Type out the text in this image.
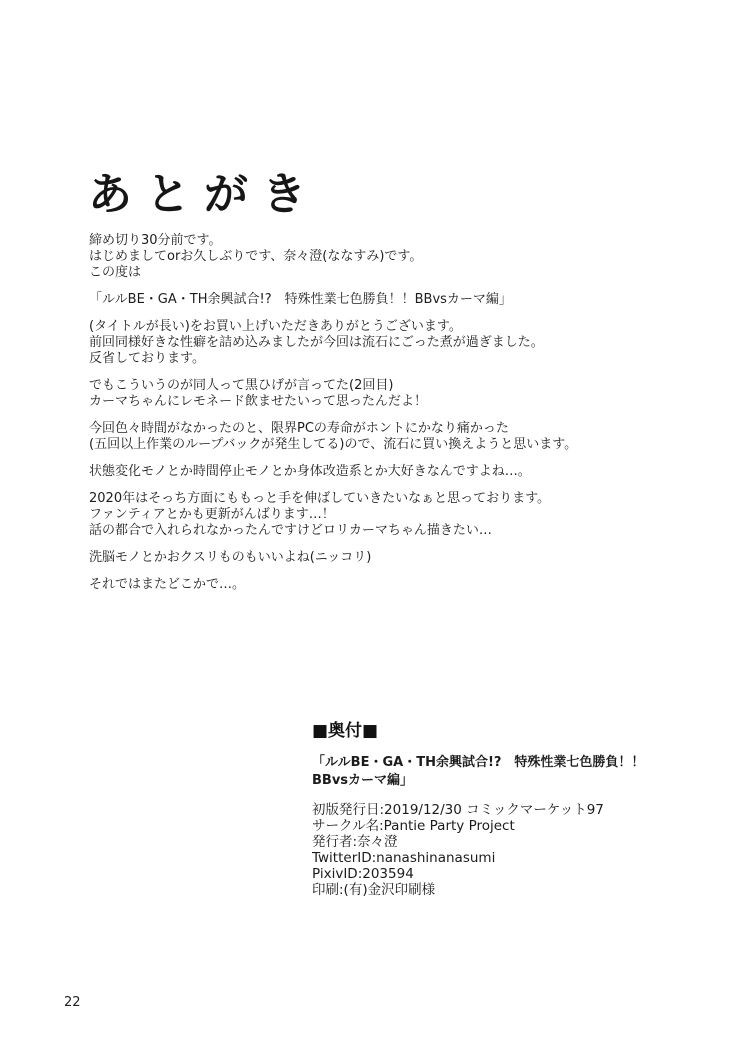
あとがき
締め切り30分前です。
はじめましてorお久しぶりです、奈々澄(ななすみ)です。
この度は
「ルルBE・GA・TH余興試合!?　特殊性業七色勝負！！BBvsカーマ編」
(タイトルが長い)をお買い上げいただきありがとうございます。
前回同様好きな性癖を詰め込みましたが今回は流石にごった煮が過ぎました。
反省しております。
でもこういうのが同人って黒ひげが言ってた(2回目)
カーマちゃんにレモネード飲ませたいって思ったんだよ！
今回色々時間がなかったのと、限界PCの寿命がホントにかなり痛かった
(五回以上作業のループバックが発生してる)ので、流石に買い換えようと思います。
状態変化モノとか時間停止モノとか身体改造系とか大好きなんですよね…。
2020年はそっち方面にももっと手を伸ばしていきたいなぁと思っております。
ファンティアとかも更新がんばります…！
話の都合で入れられなかったんですけどロリカーマちゃん描きたい…
洗脳モノとかおクスリものもいいよね(ニッコリ)
それではまたどこかで…。
■奥付■
「ルルBE・GA・TH余興試合!?　特殊性業七色勝負！！
BBvsカーマ編」
初版発行日:2019/12/30 コミックマーケット97
サークル名:Pantie Party Project
発行者:奈々澄
TwitterID:nanashinanasumi
PixivID:203594
印刷:(有)金沢印刷様
22
